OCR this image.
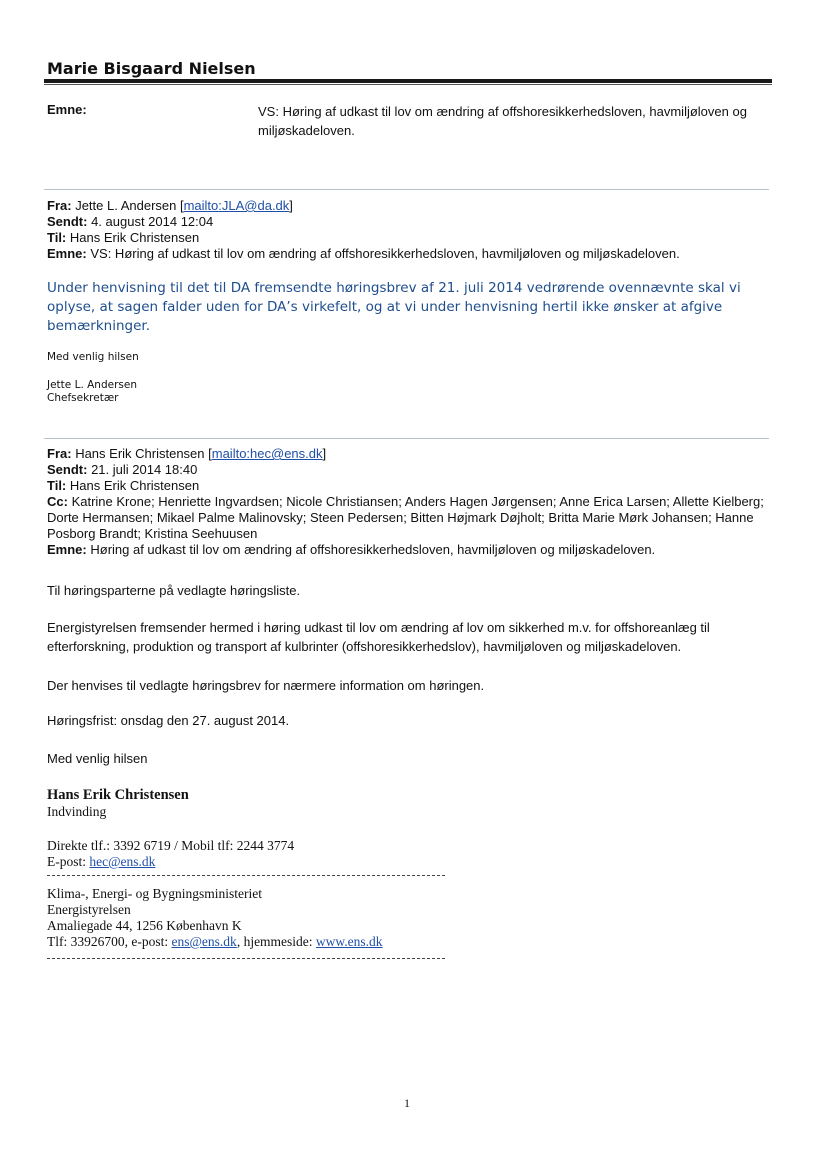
Marie Bisgaard Nielsen
Emne:	VS: Høring af udkast til lov om ændring af offshoresikkerhedsloven, havmiljøloven og miljøskadeloven.
Fra: Jette L. Andersen [mailto:JLA@da.dk]
Sendt: 4. august 2014 12:04
Til: Hans Erik Christensen
Emne: VS: Høring af udkast til lov om ændring af offshoresikkerhedsloven, havmiljøloven og miljøskadeloven.
Under henvisning til det til DA fremsendte høringsbrev af 21. juli 2014 vedrørende ovennævnte skal vi oplyse, at sagen falder uden for DA’s virkefelt, og at vi under henvisning hertil ikke ønsker at afgive bemærkninger.
Med venlig hilsen
Jette L. Andersen
Chefsekretær
Fra: Hans Erik Christensen [mailto:hec@ens.dk]
Sendt: 21. juli 2014 18:40
Til: Hans Erik Christensen
Cc: Katrine Krone; Henriette Ingvardsen; Nicole Christiansen; Anders Hagen Jørgensen; Anne Erica Larsen; Allette Kielberg; Dorte Hermansen; Mikael Palme Malinovsky; Steen Pedersen; Bitten Højmark Døjholt; Britta Marie Mørk Johansen; Hanne Posborg Brandt; Kristina Seehuusen
Emne: Høring af udkast til lov om ændring af offshoresikkerhedsloven, havmiljøloven og miljøskadeloven.
Til høringsparterne på vedlagte høringsliste.
Energistyrelsen fremsender hermed i høring udkast til lov om ændring af lov om sikkerhed m.v. for offshoreanlæg til efterforskning, produktion og transport af kulbrinter (offshoresikkerhedslov), havmiljøloven og miljøskadeloven.
Der henvises til vedlagte høringsbrev for nærmere information om høringen.
Høringsfrist: onsdag den 27. august 2014.
Med venlig hilsen
Hans Erik Christensen
Indvinding
Direkte tlf.: 3392 6719 / Mobil tlf: 2244 3774
E-post: hec@ens.dk
Klima-, Energi- og Bygningsministeriet
Energistyrelsen
Amaliegade 44, 1256 København K
Tlf: 33926700, e-post: ens@ens.dk, hjemmeside: www.ens.dk
1
